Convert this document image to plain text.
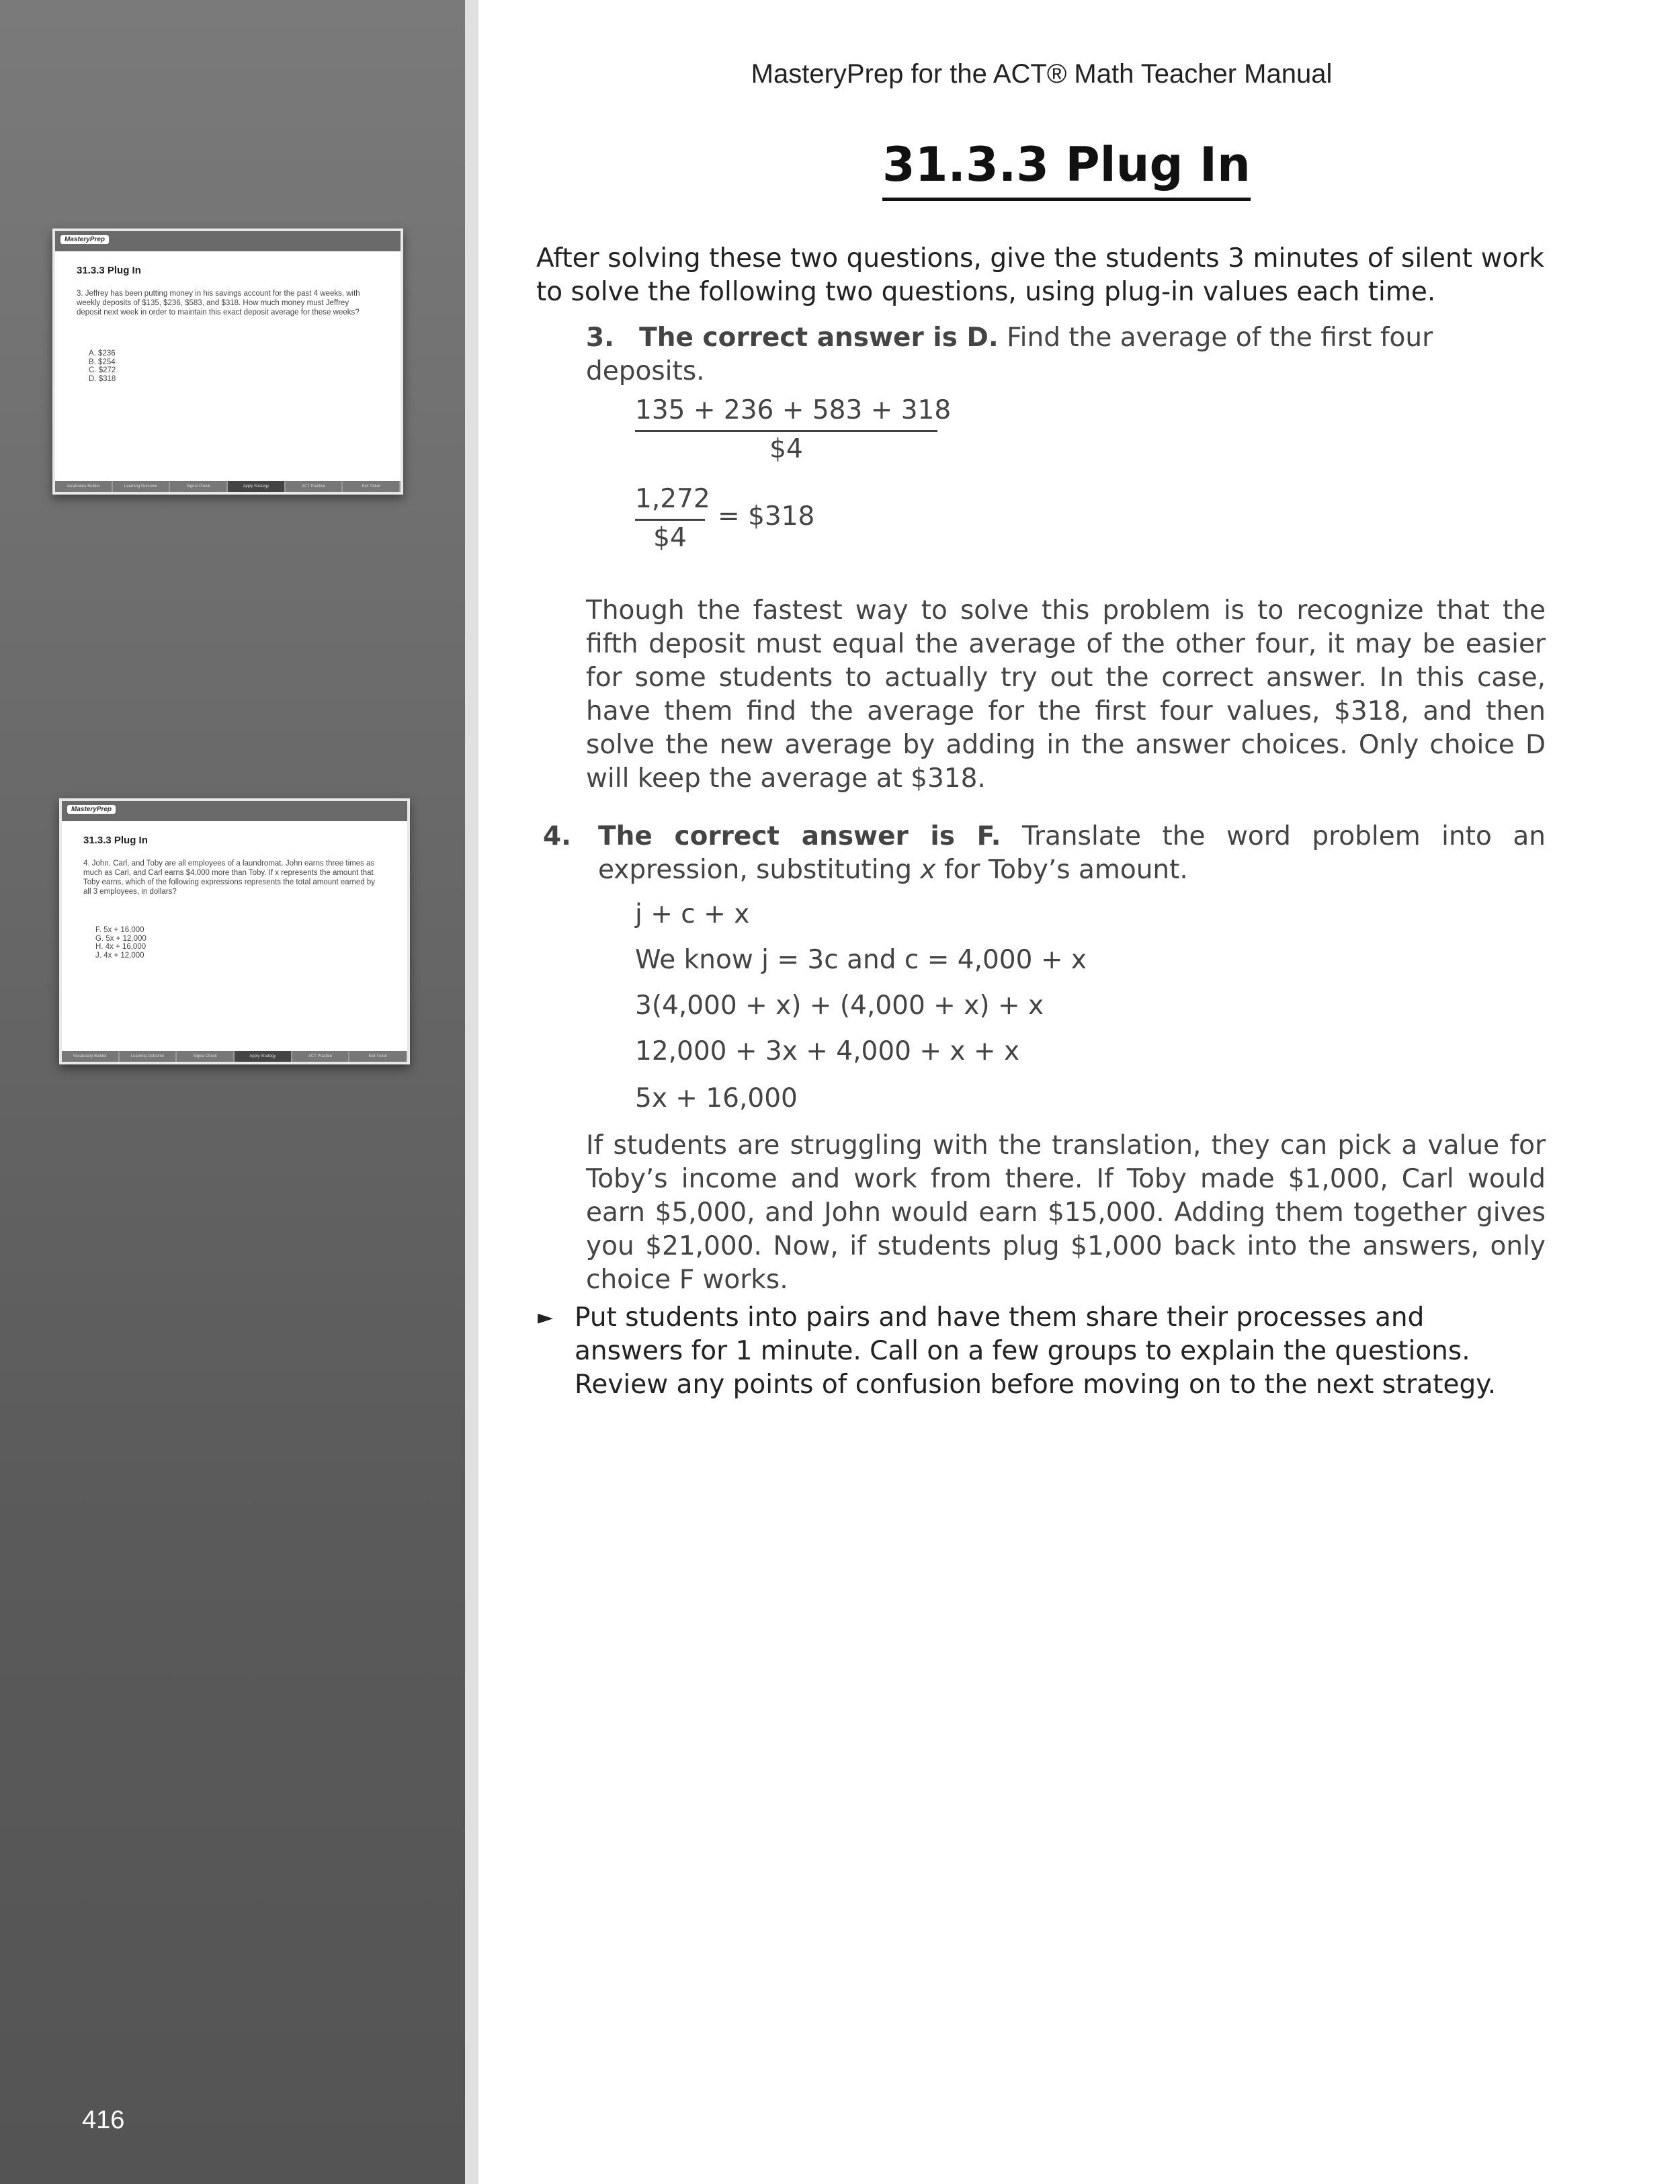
MasteryPrep
31.3.3 Plug In
3. Jeffrey has been putting money in his savings account for the past 4 weeks, with weekly deposits of $135, $236, $583, and $318. How much money must Jeffrey deposit next week in order to maintain this exact deposit average for these weeks?
A. $236
B. $254
C. $272
D. $318
Vocabulary Builder	Learning Outcome	Signal Check	Apply Strategy	ACT Practice	Exit Ticket
MasteryPrep
31.3.3 Plug In
4. John, Carl, and Toby are all employees of a laundromat. John earns three times as much as Carl, and Carl earns $4,000 more than Toby. If x represents the amount that Toby earns, which of the following expressions represents the total amount earned by all 3 employees, in dollars?
F. 5x + 16,000
G. 5x + 12,000
H. 4x + 16,000
J. 4x + 12,000
Vocabulary Builder	Learning Outcome	Signal Check	Apply Strategy	ACT Practice	Exit Ticket
416
MasteryPrep for the ACT® Math Teacher Manual
31.3.3 Plug In
After solving these two questions, give the students 3 minutes of silent work to solve the following two questions, using plug-in values each time.
3. The correct answer is D. Find the average of the first four deposits.
135 + 236 + 583 + 318
$4
1,272
$4
= $318
Though the fastest way to solve this problem is to recognize that the fifth deposit must equal the average of the other four, it may be easier for some students to actually try out the correct answer. In this case, have them find the average for the first four values, $318, and then solve the new average by adding in the answer choices. Only choice D will keep the average at $318.
4. The correct answer is F. Translate the word problem into an expression, substituting x for Toby’s amount.
j + c + x
We know j = 3c and c = 4,000 + x
3(4,000 + x) + (4,000 + x) + x
12,000 + 3x + 4,000 + x + x
5x + 16,000
If students are struggling with the translation, they can pick a value for Toby’s income and work from there. If Toby made $1,000, Carl would earn $5,000, and John would earn $15,000. Adding them together gives you $21,000. Now, if students plug $1,000 back into the answers, only choice F works.
► Put students into pairs and have them share their processes and answers for 1 minute. Call on a few groups to explain the questions. Review any points of confusion before moving on to the next strategy.
